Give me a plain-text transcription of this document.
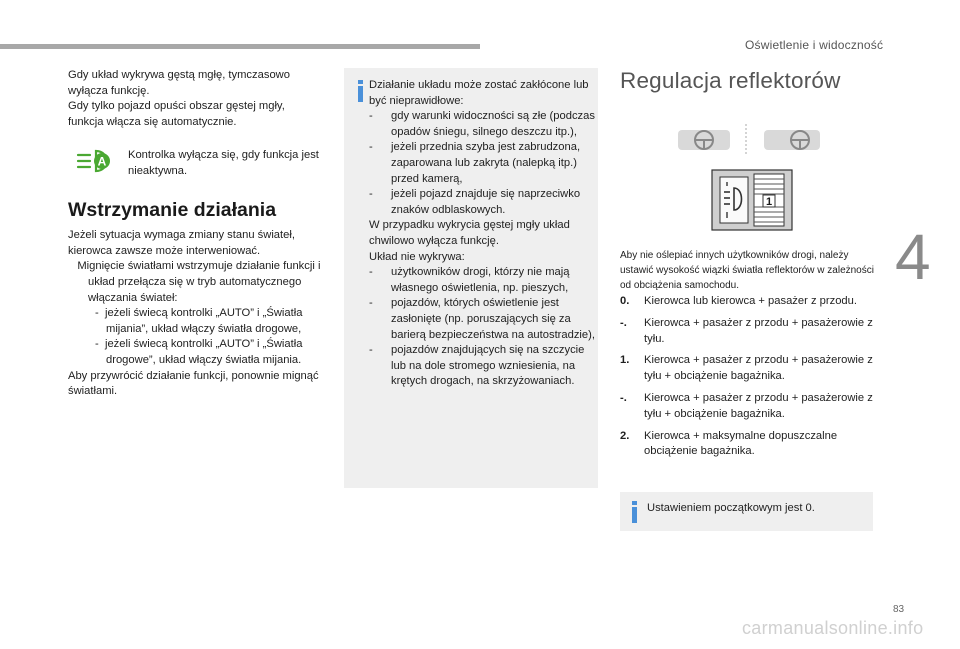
Oświetlenie i widoczność
4

Gdy układ wykrywa gęstą mgłę, tymczasowo wyłącza funkcję.

Gdy tylko pojazd opuści obszar gęstej mgły, funkcja włącza się automatycznie.

A Kontrolka wyłącza się, gdy funkcja jest nieaktywna.
Wstrzymanie działania

Jeżeli sytuacja wymaga zmiany stanu świateł, kierowca zawsze może interweniować.

Mignięcie światłami wstrzymuje działanie funkcji i układ przełącza się w tryb automatycznego włączania świateł:

-  jeżeli świecą kontrolki „AUTO” i „Światła mijania”, układ włączy światła drogowe,

-  jeżeli świecą kontrolki „AUTO” i „Światła drogowe”, układ włączy światła mijania.

Aby przywrócić działanie funkcji, ponownie mignąć światłami.

Działanie układu może zostać zakłócone lub być nieprawidłowe:
- gdy warunki widoczności są złe (podczas opadów śniegu, silnego deszczu itp.),
- jeżeli przednia szyba jest zabrudzona, zaparowana lub zakryta (nalepką itp.) przed kamerą,
- jeżeli pojazd znajduje się naprzeciwko znaków odblaskowych.
W przypadku wykrycia gęstej mgły układ chwilowo wyłącza funkcję.
Układ nie wykrywa:
- użytkowników drogi, którzy nie mają własnego oświetlenia, np. pieszych,
- pojazdów, których oświetlenie jest zasłonięte (np. poruszających się za barierą bezpieczeństwa na autostradzie),
- pojazdów znajdujących się na szczycie lub na dole stromego wzniesienia, na krętych drogach, na skrzyżowaniach.
Regulacja reflektorów
1
Aby nie oślepiać innych użytkowników drogi, należy ustawić wysokość wiązki światła reflektorów w zależności od obciążenia samochodu.
0.	Kierowca lub kierowca + pasażer z przodu.
-.	Kierowca + pasażer z przodu + pasażerowie z tyłu.
1.	Kierowca + pasażer z przodu + pasażerowie z tyłu + obciążenie bagażnika.
-.	Kierowca + pasażer z przodu + pasażerowie z tyłu + obciążenie bagażnika.
2.	Kierowca + maksymalne dopuszczalne obciążenie bagażnika.
Ustawieniem początkowym jest 0.
83
carmanualsonline.info
